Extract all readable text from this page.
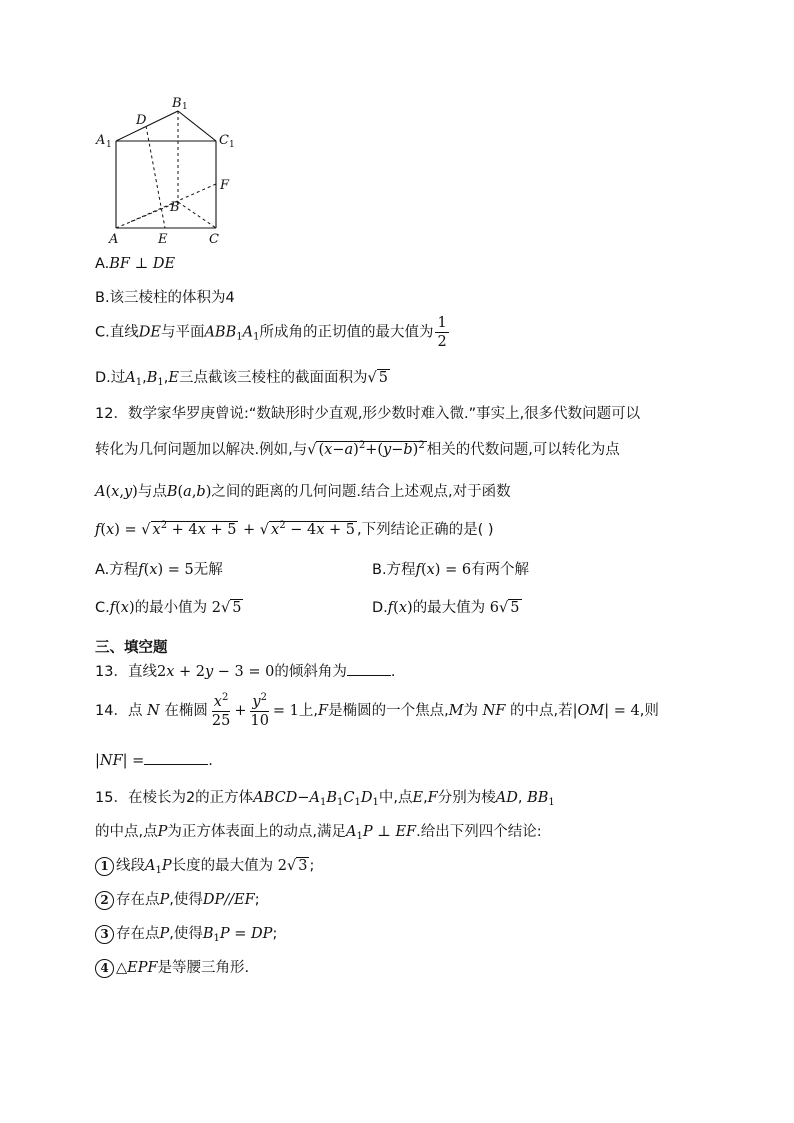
B 1
D
A 1	C 1
F
B
A	E	C
A.BF ⊥ DE
B.该三棱柱的体积为4
C.直线DE与平面$ABB_1A_1$所成角的正切值的最大值为 $\frac{1}{2}$
D.过$A_1,B_1,E$三点截该三棱柱的截面面积为√ 5
12．数学家华罗庚曾说:“数缺形时少直观,形少数时难入微.”事实上,很多代数问题可以
转化为几何问题加以解决.例如,与√ $(x-a)^2+(y-b)^2$ 相关的代数问题,可以转化为点
A(x,y)与点B(a,b)之间的距离的几何问题.结合上述观点,对于函数
f(x) = √ $x^2 + 4x + 5$ + √ $x^2 - 4x + 5$ ,下列结论正确的是( )
A.方程f(x) = 5无解	B.方程f(x) = 6有两个解
C.f(x)的最小值为 2√ 5	D.f(x)的最大值为 6√ 5
三、填空题
13．直线2x + 2y − 3 = 0的倾斜角为	.
14．点 N 在椭圆 $\frac{x^2}{25} + \frac{y^2}{10} = 1$上,F是椭圆的一个焦点,M为 NF 的中点,若|OM| = 4,则
|NF| =	.
15．在棱长为2的正方体$ABCD-A_1B_1C_1D_1$中,点E,F分别为棱AD, $BB_1$
的中点,点P为正方体表面上的动点,满足$A_1P$ ⊥ EF.给出下列四个结论:
1 线段$A_1P$长度的最大值为 2√ 3 ;
2 存在点P,使得DP//EF;
3 存在点P,使得$B_1P$ = DP;
4 △EPF是等腰三角形.
